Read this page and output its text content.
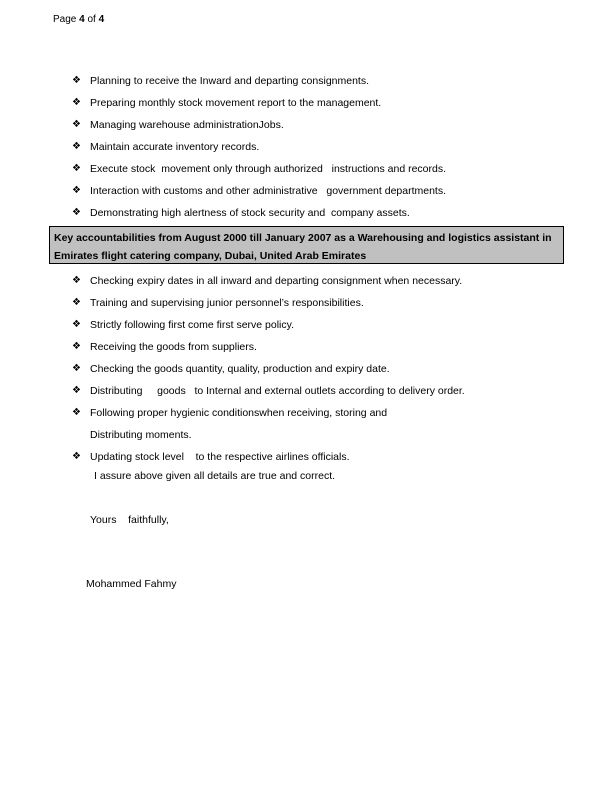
Page 4 of 4
❖ Planning to receive the Inward and departing consignments.
❖ Preparing monthly stock movement report to the management.
❖ Managing warehouse administrationJobs.
❖ Maintain accurate inventory records.
❖ Execute stock  movement only through authorized   instructions and records.
❖ Interaction with customs and other administrative   government departments.
❖ Demonstrating high alertness of stock security and  company assets.
Key accountabilities from August 2000 till January 2007 as a Warehousing and logistics assistant in
Emirates flight catering company, Dubai, United Arab Emirates
❖ Checking expiry dates in all inward and departing consignment when necessary.
❖ Training and supervising junior personnel’s responsibilities.
❖ Strictly following first come first serve policy.
❖ Receiving the goods from suppliers.
❖ Checking the goods quantity, quality, production and expiry date.
❖ Distributing     goods   to Internal and external outlets according to delivery order.
❖ Following proper hygienic conditionswhen receiving, storing and
Distributing moments.
❖ Updating stock level    to the respective airlines officials.
I assure above given all details are true and correct.
Yours    faithfully,
Mohammed Fahmy
